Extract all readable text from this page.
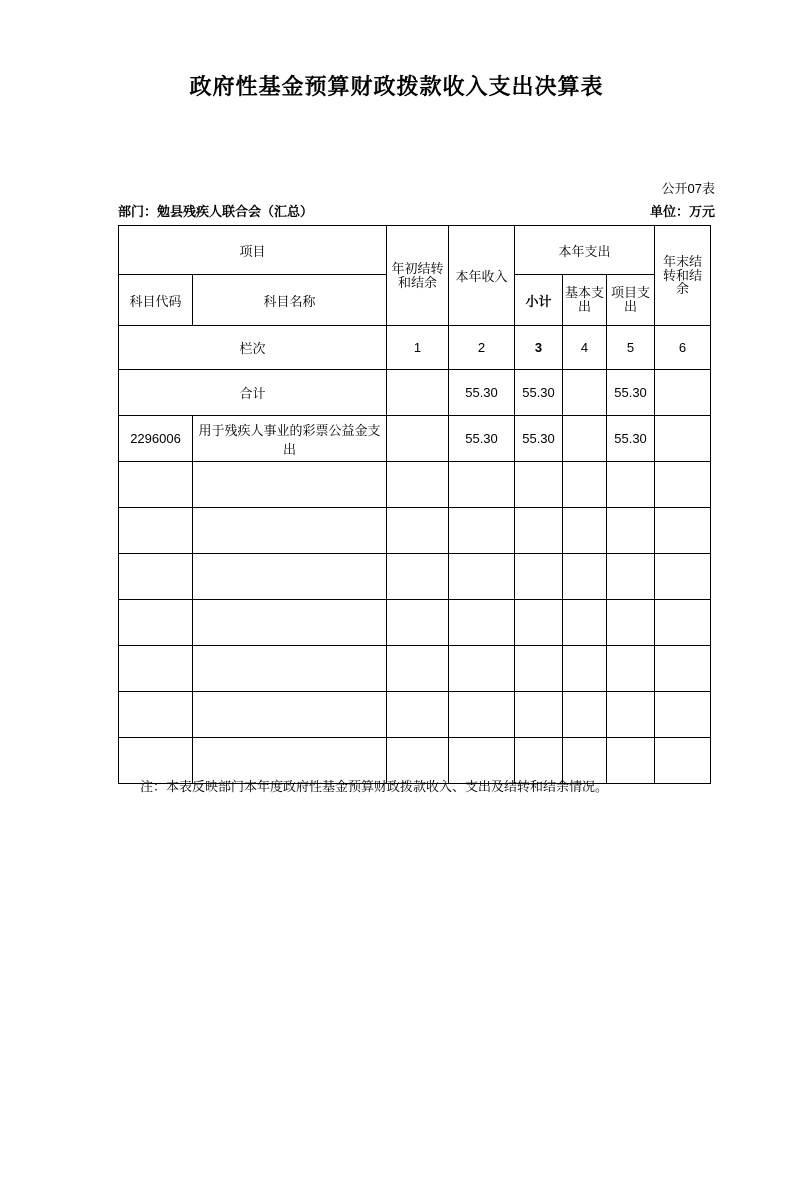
政府性基金预算财政拨款收入支出决算表
公开07表
部门：勉县残疾人联合会（汇总）	单位：万元
项目		年初结转和结余	本年收入	本年支出			年末结转和结余
科目代码	科目名称			小计	基本支出	项目支出	
栏次		1	2	3	4	5	6
合计			55.30	55.30		55.30	
2296006	用于残疾人事业的彩票公益金支出		55.30	55.30		55.30	

注：本表反映部门本年度政府性基金预算财政拨款收入、支出及结转和结余情况。
